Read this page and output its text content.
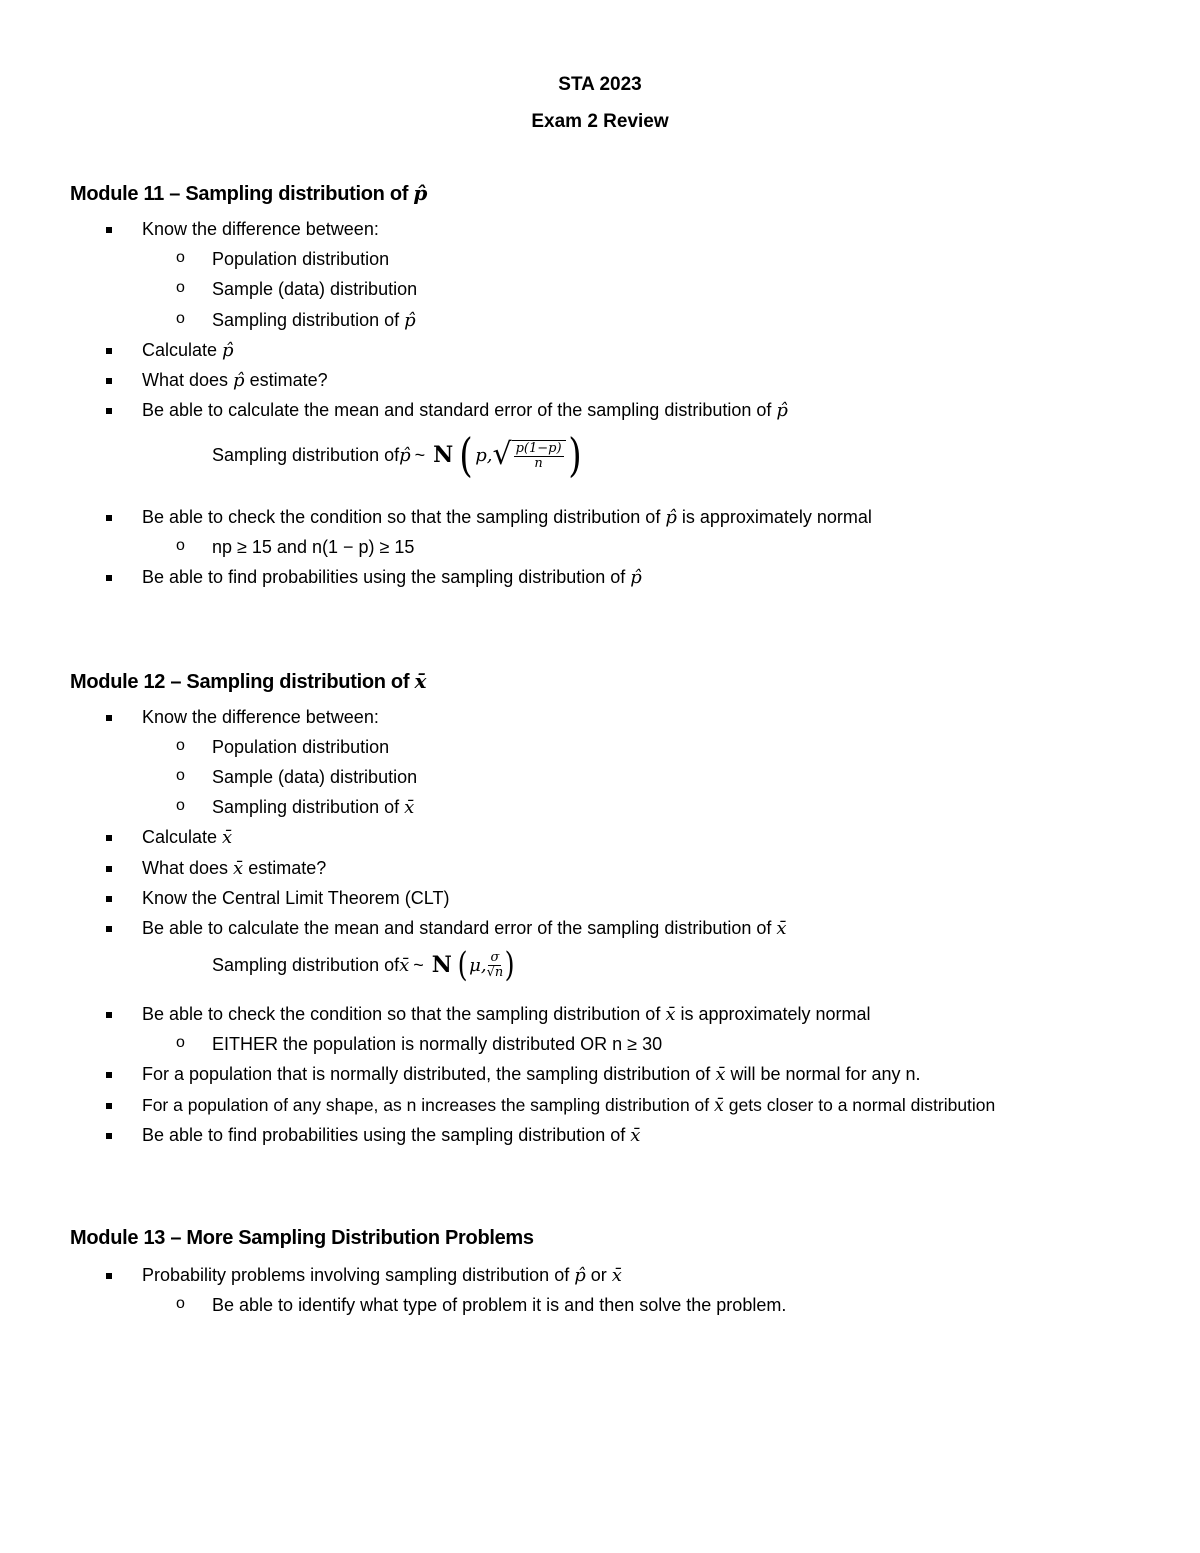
STA 2023
Exam 2 Review
Module 11 – Sampling distribution of p̂
Know the difference between:
o Population distribution
o Sample (data) distribution
o Sampling distribution of p̂
Calculate p̂
What does p̂ estimate?
Be able to calculate the mean and standard error of the sampling distribution of p̂
Sampling distribution of p̂ ~ N ( p, √ $\frac{p(1-p)}{n}$ )
Be able to check the condition so that the sampling distribution of p̂ is approximately normal
o np ≥ 15 and n(1 − p) ≥ 15
Be able to find probabilities using the sampling distribution of p̂
Module 12 – Sampling distribution of x̄
Know the difference between:
o Population distribution
o Sample (data) distribution
o Sampling distribution of x̄
Calculate x̄
What does x̄ estimate?
Know the Central Limit Theorem (CLT)
Be able to calculate the mean and standard error of the sampling distribution of x̄
Sampling distribution of x̄ ~ N ( μ, $\frac{\sigma}{√n}$ )
Be able to check the condition so that the sampling distribution of x̄ is approximately normal
o EITHER the population is normally distributed OR n ≥ 30
For a population that is normally distributed, the sampling distribution of x̄ will be normal for any n.
For a population of any shape, as n increases the sampling distribution of x̄ gets closer to a normal distribution
Be able to find probabilities using the sampling distribution of x̄
Module 13 – More Sampling Distribution Problems
Probability problems involving sampling distribution of p̂ or x̄
o Be able to identify what type of problem it is and then solve the problem.
